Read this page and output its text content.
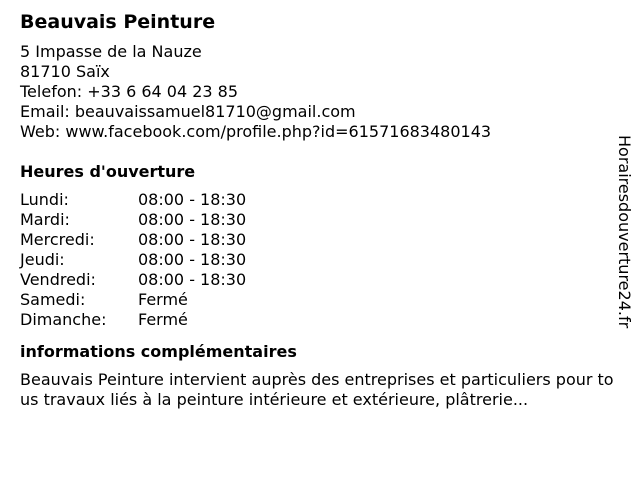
Beauvais Peinture
5 Impasse de la Nauze
81710 Saïx
Telefon: +33 6 64 04 23 85
Email: beauvaissamuel81710@gmail.com
Web: www.facebook.com/profile.php?id=61571683480143
Heures d'ouverture
Lundi:	08:00 - 18:30
Mardi:	08:00 - 18:30
Mercredi:	08:00 - 18:30
Jeudi:	08:00 - 18:30
Vendredi:	08:00 - 18:30
Samedi:	Fermé
Dimanche:	Fermé
informations complémentaires
Beauvais Peinture intervient auprès des entreprises et particuliers pour tous travaux liés à la peinture intérieure et extérieure, plâtrerie...
Horairesdouverture24.fr
